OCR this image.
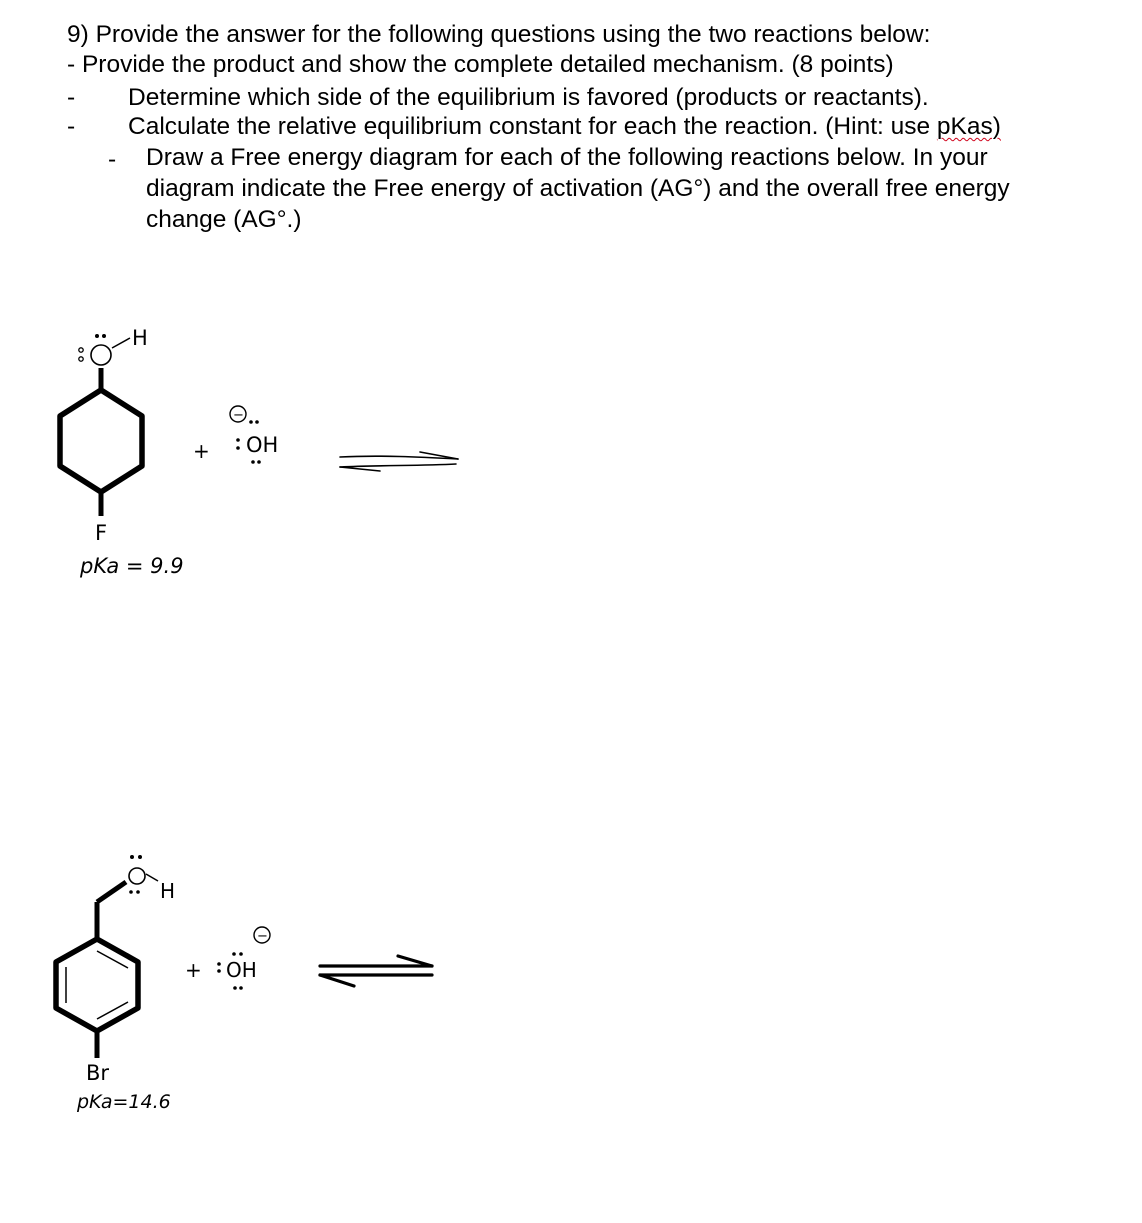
9) Provide the answer for the following questions using the two reactions below:
- Provide the product and show the complete detailed mechanism. (8 points)
- Determine which side of the equilibrium is favored (products or reactants).
- Calculate the relative equilibrium constant for each the reaction. (Hint: use pKas)
- Draw a Free energy diagram for each of the following reactions below. In your
diagram indicate the Free energy of activation (AG°) and the overall free energy
change (AG°.)
H
F
pKa = 9.9
+
−
OH
H
Br
pKa=14.6
+
−
OH
